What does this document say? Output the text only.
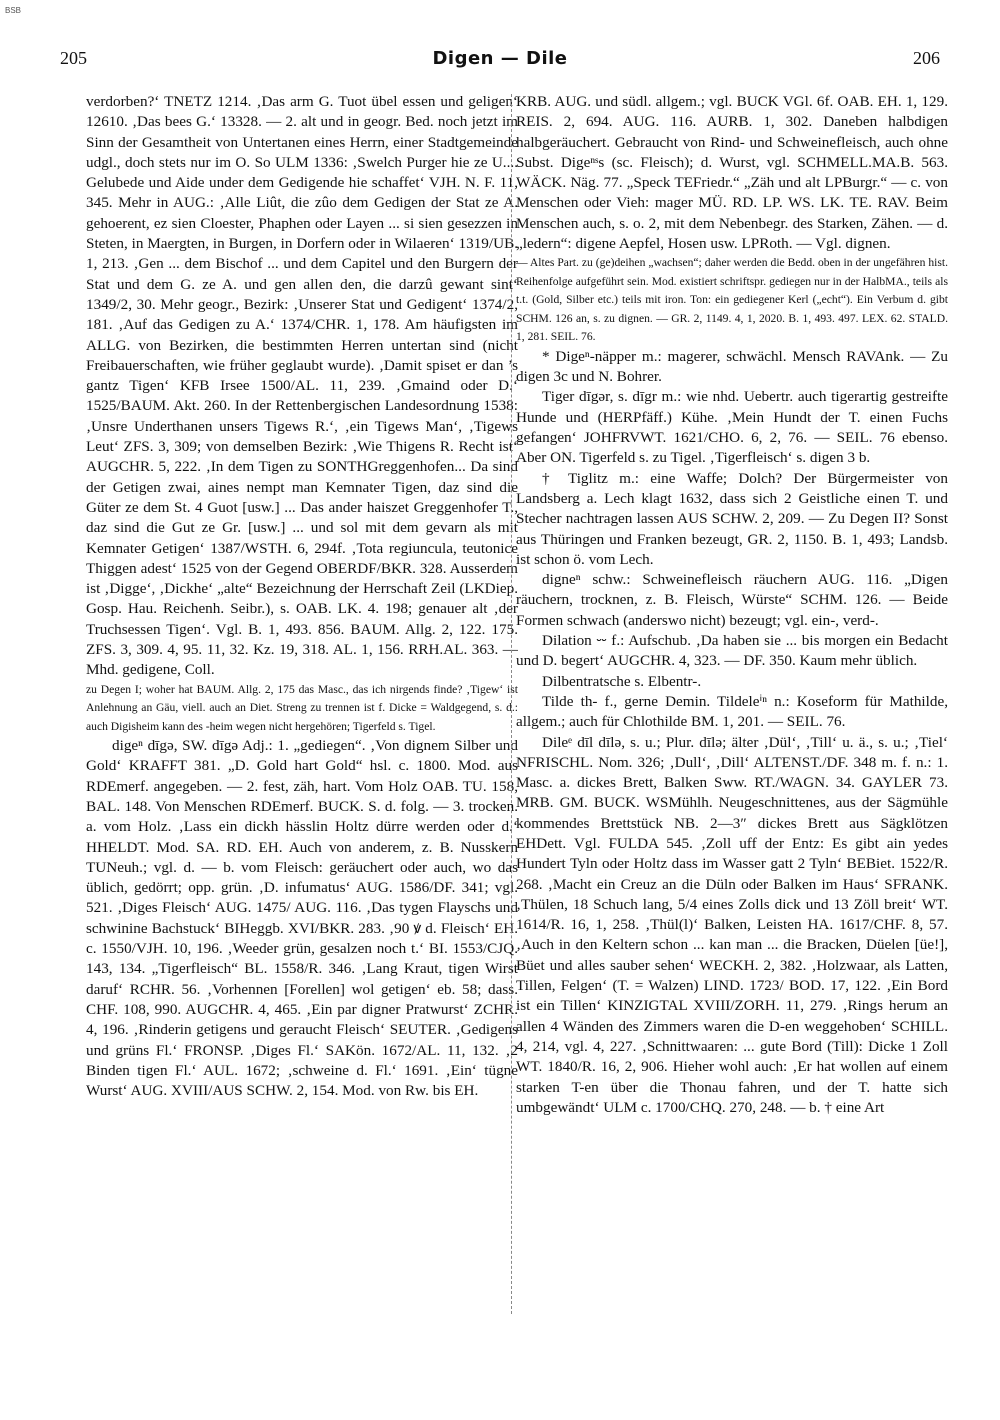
BSB
205	Digen — Dile	206

verdorben?‘ TNETZ 1214. ‚Das arm G. Tuot übel essen und geligen‘ 12610. ‚Das bees G.‘ 13328. — 2. alt und in geogr. Bed. noch jetzt im Sinn der Gesamtheit von Untertanen eines Herrn, einer Stadtgemeinde udgl., doch stets nur im O. So ULM 1336: ‚Swelch Purger hie ze U.... Gelubede und Aide under dem Gedigende hie schaffet‘ VJH. N. F. 11, 345. Mehr in AUG.: ‚Alle Liût, die zûo dem Gedigen der Stat ze A. gehoerent, ez sien Cloester, Phaphen oder Layen ... si sien gesezzen in Steten, in Maergten, in Burgen, in Dorfern oder in Wilaeren‘ 1319/UB. 1, 213. ‚Gen ... dem Bischof ... und dem Capitel und den Burgern der Stat und dem G. ze A. und gen allen den, die darzû gewant sint‘ 1349/2, 30. Mehr geogr., Bezirk: ‚Unserer Stat und Gedigent‘ 1374/2, 181. ‚Auf das Gedigen zu A.‘ 1374/CHR. 1, 178. Am häufigsten im ALLG. von Bezirken, die bestimmten Herren untertan sind (nicht Freibauerschaften, wie früher geglaubt wurde). ‚Damit spiset er dan ’s gantz Tigen‘ KFB Irsee 1500/AL. 11, 239. ‚Gmaind oder D.‘ 1525/BAUM. Akt. 260. In der Rettenbergischen Landesordnung 1538: ‚Unsre Underthanen unsers Tigews R.‘, ‚ein Tigews Man‘, ‚Tigews Leut‘ ZFS. 3, 309; von demselben Bezirk: ‚Wie Thigens R. Recht ist‘ AUGCHR. 5, 222. ‚In dem Tigen zu SONTHGreggenhofen... Da sind der Getigen zwai, aines nempt man Kemnater Tigen, daz sind die Güter ze dem St. 4 Guot [usw.] ... Das ander haiszet Greggenhofer T., daz sind die Gut ze Gr. [usw.] ... und sol mit dem gevarn als mit Kemnater Getigen‘ 1387/WSTH. 6, 294f. ‚Tota regiuncula, teutonice Thiggen adest‘ 1525 von der Gegend OBERDF/BKR. 328. Ausserdem ist ‚Digge‘, ‚Dickhe‘ „alte“ Bezeichnung der Herrschaft Zeil (LKDiep. Gosp. Hau. Reichenh. Seibr.), s. OAB. LK. 4. 198; genauer alt ‚der Truchsessen Tigen‘. Vgl. B. 1, 493. 856. BAUM. Allg. 2, 122. 175. ZFS. 3, 309. 4, 95. 11, 32. Kz. 19, 318. AL. 1, 156. RRH.AL. 363. — Mhd. gedigene, Coll.

zu Degen I; woher hat BAUM. Allg. 2, 175 das Masc., das ich nirgends finde? ‚Tigew‘ ist Anlehnung an Gäu, viell. auch an Diet. Streng zu trennen ist f. Dicke = Waldgegend, s. d.: auch Digisheim kann des -heim wegen nicht hergehören; Tigerfeld s. Tigel.

digeⁿ dīgə, SW. dīgə Adj.: 1. „gediegen“. ‚Von dignem Silber und Gold‘ KRAFFT 381. „D. Gold hart Gold“ hsl. c. 1800. Mod. aus RDEmerf. angegeben. — 2. fest, zäh, hart. Vom Holz OAB. TU. 158, BAL. 148. Von Menschen RDEmerf. BUCK. S. d. folg. — 3. trocken. a. vom Holz. ‚Lass ein dickh hässlin Holtz dürre werden oder d.‘ HHELDT. Mod. SA. RD. EH. Auch von anderem, z. B. Nusskern TUNeuh.; vgl. d. — b. vom Fleisch: geräuchert oder auch, wo das üblich, gedörrt; opp. grün. ‚D. infumatus‘ AUG. 1586/DF. 341; vgl. 521. ‚Diges Fleisch‘ AUG. 1475/ AUG. 116. ‚Das tygen Flayschs und schwinine Bachstuck‘ BIHeggb. XVI/BKR. 283. ‚90 ꝟ d. Fleisch‘ EH. c. 1550/VJH. 10, 196. ‚Weeder grün, gesalzen noch t.‘ BI. 1553/CJQ. 143, 134. „Tigerfleisch“ BL. 1558/R. 346. ‚Lang Kraut, tigen Wirst daruf‘ RCHR. 56. ‚Vorhennen [Forellen] wol getigen‘ eb. 58; dass. CHF. 108, 990. AUGCHR. 4, 465. ‚Ein par digner Pratwurst‘ ZCHR. 4, 196. ‚Rinderin getigens und geraucht Fleisch‘ SEUTER. ‚Gedigens und grüns Fl.‘ FRONSP. ‚Diges Fl.‘ SAKön. 1672/AL. 11, 132. ‚2 Binden tigen Fl.‘ AUL. 1672; ‚schweine d. Fl.‘ 1691. ‚Ein‘ tügne Wurst‘ AUG. XVIII/AUS SCHW. 2, 154. Mod. von Rw. bis EH.

KRB. AUG. und südl. allgem.; vgl. BUCK VGl. 6f. OAB. EH. 1, 129. REIS. 2, 694. AUG. 116. AURB. 1, 302. Daneben halbdigen halbgeräuchert. Gebraucht von Rind- und Schweinefleisch, auch ohne Subst. Digeⁿˢs (sc. Fleisch); d. Wurst, vgl. SCHMELL.MA.B. 563. WÄCK. Näg. 77. „Speck TEFriedr.“ „Zäh und alt LPBurgr.“ — c. von Menschen oder Vieh: mager MÜ. RD. LP. WS. LK. TE. RAV. Beim Menschen auch, s. o. 2, mit dem Nebenbegr. des Starken, Zähen. — d. „ledern“: digene Aepfel, Hosen usw. LPRoth. — Vgl. dignen.

— Altes Part. zu (ge)deihen „wachsen“; daher werden die Bedd. oben in der ungefähren hist. Reihenfolge aufgeführt sein. Mod. existiert schriftspr. gediegen nur in der HalbMA., teils als t.t. (Gold, Silber etc.) teils mit iron. Ton: ein gediegener Kerl („echt“). Ein Verbum d. gibt SCHM. 126 an, s. zu dignen. — GR. 2, 1149. 4, 1, 2020. B. 1, 493. 497. LEX. 62. STALD. 1, 281. SEIL. 76.

* Digeⁿ-näpper m.: magerer, schwächl. Mensch RAVAnk. — Zu digen 3c und N. Bohrer.

Tiger dīgər, s. dīgr m.: wie nhd. Uebertr. auch tigerartig gestreifte Hunde und (HERPfäff.) Kühe. ‚Mein Hundt der T. einen Fuchs gefangen‘ JOHFRVWT. 1621/CHO. 6, 2, 76. — SEIL. 76 ebenso. Aber ON. Tigerfeld s. zu Tigel. ‚Tigerfleisch‘ s. digen 3 b.

† Tiglitz m.: eine Waffe; Dolch? Der Bürgermeister von Landsberg a. Lech klagt 1632, dass sich 2 Geistliche einen T. und Stecher nachtragen lassen AUS SCHW. 2, 209. — Zu Degen II? Sonst aus Thüringen und Franken bezeugt, GR. 2, 1150. B. 1, 493; Landsb. ist schon ö. vom Lech.

digneⁿ schw.: Schweinefleisch räuchern AUG. 116. „Digen räuchern, trocknen, z. B. Fleisch, Würste“ SCHM. 126. — Beide Formen schwach (anderswo nicht) bezeugt; vgl. ein-, verd-.

Dilation ⏑⏑ f.: Aufschub. ‚Da haben sie ... bis morgen ein Bedacht und D. begert‘ AUGCHR. 4, 323. — DF. 350. Kaum mehr üblich.

Dilbentratsche s. Elbentr-.

Tilde th- f., gerne Demin. Tildeleⁱⁿ n.: Koseform für Mathilde, allgem.; auch für Chlothilde BM. 1, 201. — SEIL. 76.

Dileᵉ dīl dīlə, s. u.; Plur. dīlə; älter ‚Dül‘, ‚Till‘ u. ä., s. u.; ‚Tiel‘ NFRISCHL. Nom. 326; ‚Dull‘, ‚Dill‘ ALTENST./DF. 348 m. f. n.: 1. Masc. a. dickes Brett, Balken Sww. RT./WAGN. 34. GAYLER 73. MRB. GM. BUCK. WSMühlh. Neugeschnittenes, aus der Sägmühle kommendes Brettstück NB. 2—3″ dickes Brett aus Sägklötzen EHDett. Vgl. FULDA 545. ‚Zoll uff der Entz: Es gibt ain yedes Hundert Tyln oder Holtz dass im Wasser gatt 2 Tyln‘ BEBiet. 1522/R. 268. ‚Macht ein Creuz an die Düln oder Balken im Haus‘ SFRANK. ‚Thülen, 18 Schuch lang, 5/4 eines Zolls dick und 13 Zöll breit‘ WT. 1614/R. 16, 1, 258. ‚Thül(l)‘ Balken, Leisten HA. 1617/CHF. 8, 57. ‚Auch in den Keltern schon ... kan man ... die Bracken, Düelen [üe!], Büet und alles sauber sehen‘ WECKH. 2, 382. ‚Holzwaar, als Latten, Tillen, Felgen‘ (T. = Walzen) LIND. 1723/ BOD. 17, 122. ‚Ein Bord ist ein Tillen‘ KINZIGTAL XVIII/ZORH. 11, 279. ‚Rings herum an allen 4 Wänden des Zimmers waren die D-en weggehoben‘ SCHILL. 4, 214, vgl. 4, 227. ‚Schnittwaaren: ... gute Bord (Till): Dicke 1 Zoll WT. 1840/R. 16, 2, 906. Hieher wohl auch: ‚Er hat wollen auf einem starken T-en über die Thonau fahren, und der T. hatte sich umbgewändt‘ ULM c. 1700/CHQ. 270, 248. — b. † eine Art
